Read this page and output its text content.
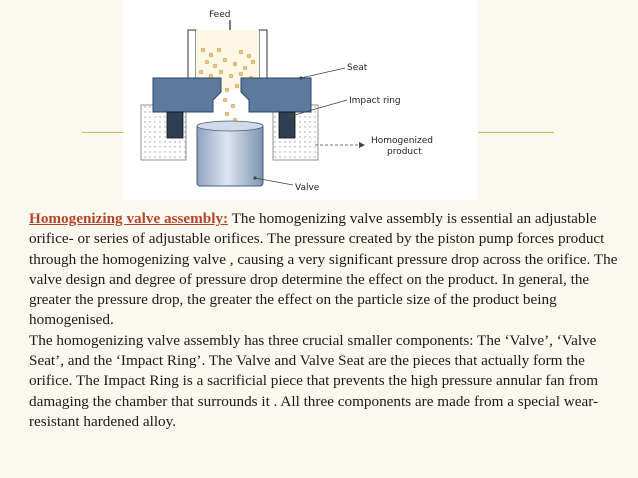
Feed
Seat
Impact ring
Homogenized
product
Valve

Homogenizing valve assembly: The homogenizing valve assembly is essential an adjustable orifice- or series of adjustable orifices. The pressure created by the piston pump forces product through the homogenizing valve , causing a very significant pressure drop across the orifice. The valve design and degree of pressure drop determine the effect on the product. In general, the greater the pressure drop, the greater the effect on the particle size of the product being homogenised.

The homogenizing valve assembly has three crucial smaller components: The ‘Valve’, ‘Valve Seat’, and the ‘Impact Ring’. The Valve and Valve Seat are the pieces that actually form the orifice. The Impact Ring is a sacrificial piece that prevents the high pressure annular fan from damaging the chamber that surrounds it . All three components are made from a special wear-resistant hardened alloy.
